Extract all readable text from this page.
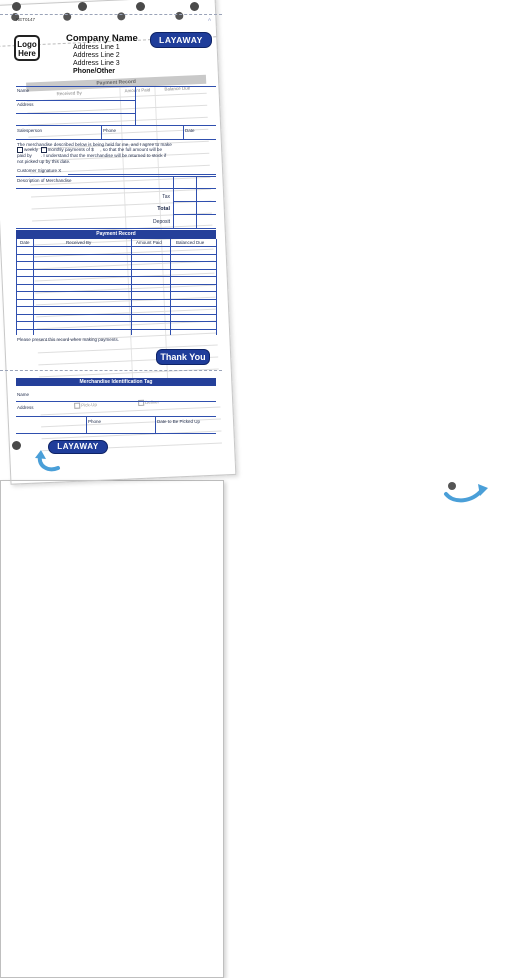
Payment Record
Received By	Amount Paid	Balance Due
Pick-Up	Deliver
RET0147	A
Logo
Here
Company Name
Address Line 1
Address Line 2
Address Line 3
Phone/Other
LAYAWAY
Name
Address
Salesperson	Phone	Date
The merchandise described below is being held for me, and I agree to make
weekly monthly payments of $ , so that the full amount will be
paid by . I understand that the merchandise will be returned to stock if
not picked up by this date.
Customer Signature X
Description of Merchandise
Tax
Total
Deposit
Payment Record
Date	Received By	Amount Paid	Balanced Due
Please present this record when making payments.
Thank You
Merchandise Identification Tag
Name
Address
Phone	Date to Be Picked Up
LAYAWAY
